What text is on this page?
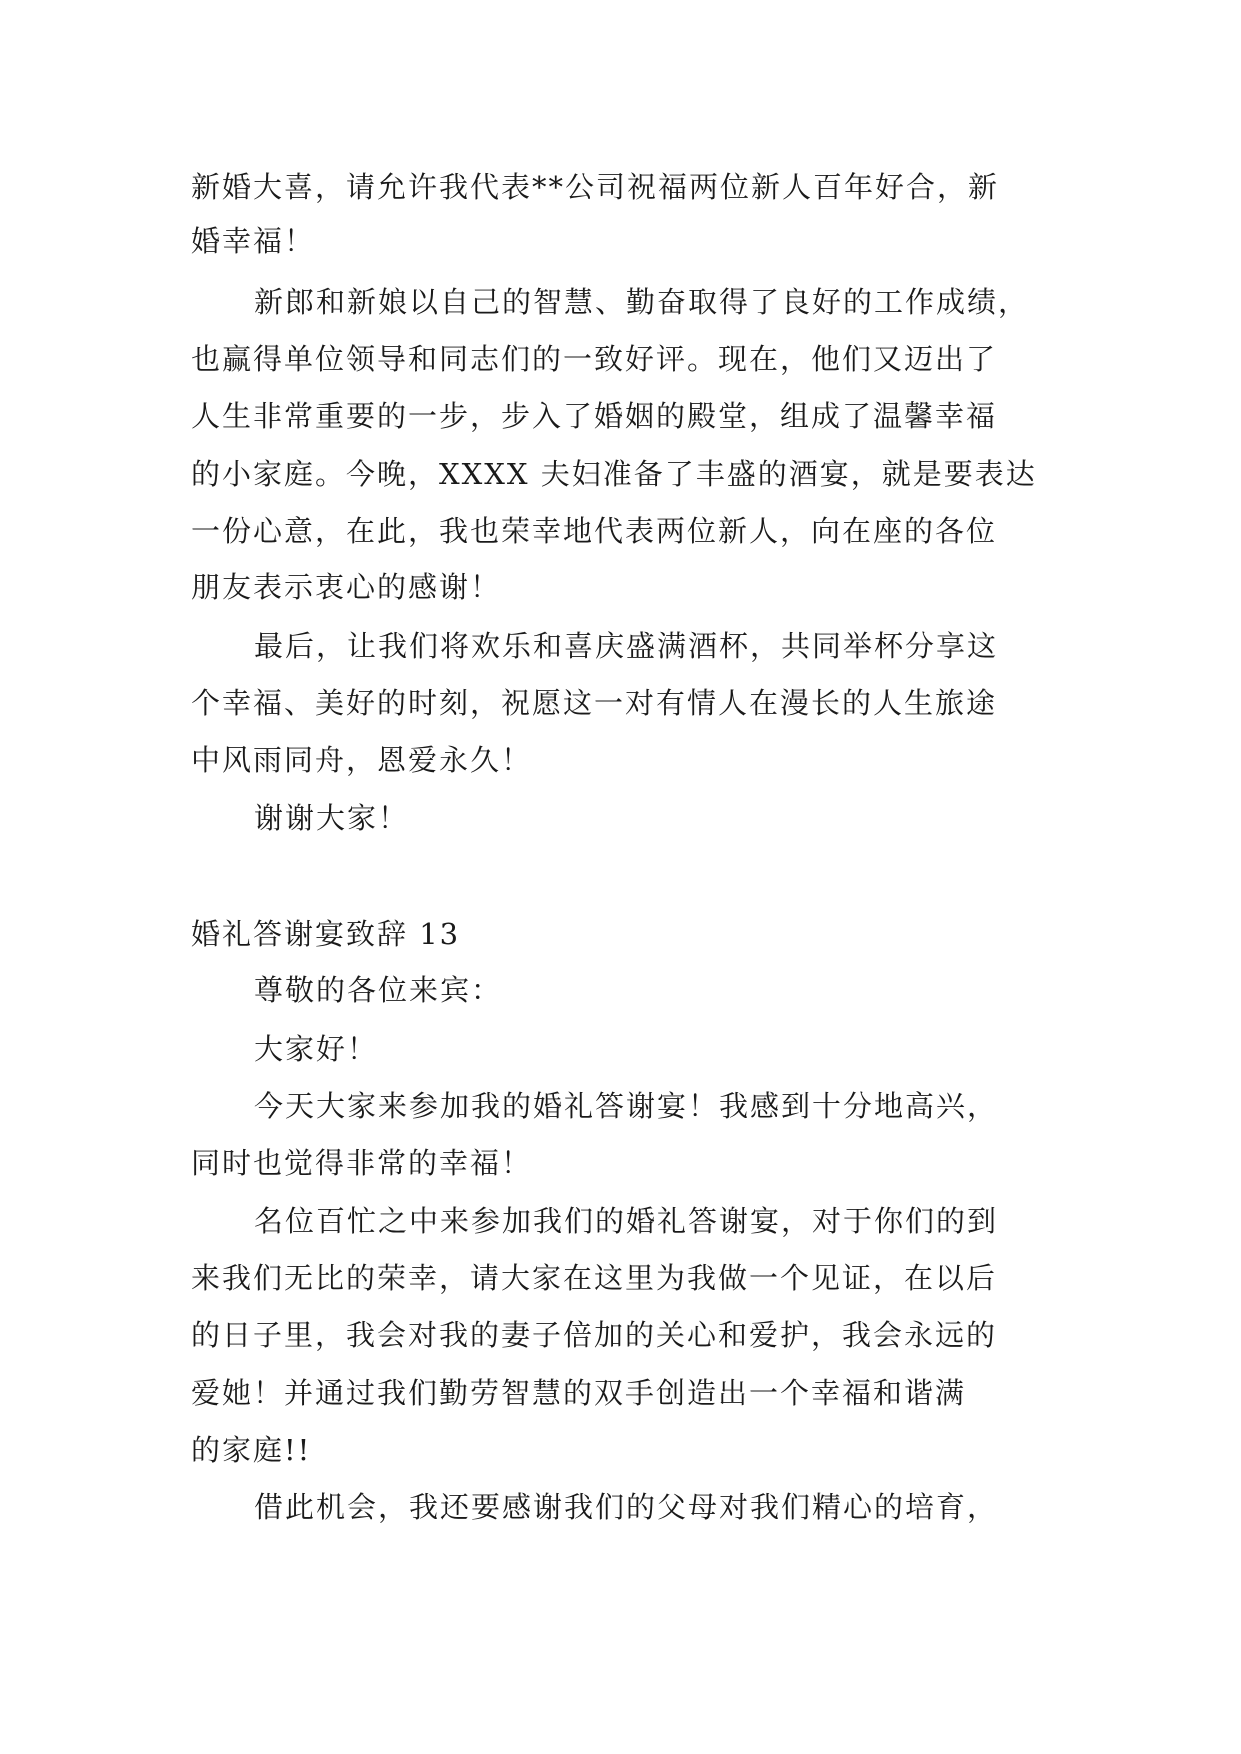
新婚大喜，请允许我代表**公司祝福两位新人百年好合，新
婚幸福！
新郎和新娘以自己的智慧、勤奋取得了良好的工作成绩，
也赢得单位领导和同志们的一致好评。现在，他们又迈出了
人生非常重要的一步，步入了婚姻的殿堂，组成了温馨幸福
的小家庭。今晚，XXXX 夫妇准备了丰盛的酒宴，就是要表达
一份心意，在此，我也荣幸地代表两位新人，向在座的各位
朋友表示衷心的感谢！
最后，让我们将欢乐和喜庆盛满酒杯，共同举杯分享这
个幸福、美好的时刻，祝愿这一对有情人在漫长的人生旅途
中风雨同舟，恩爱永久！
谢谢大家！
婚礼答谢宴致辞 13
尊敬的各位来宾：
大家好！
今天大家来参加我的婚礼答谢宴！我感到十分地高兴，
同时也觉得非常的幸福！
名位百忙之中来参加我们的婚礼答谢宴，对于你们的到
来我们无比的荣幸，请大家在这里为我做一个见证，在以后
的日子里，我会对我的妻子倍加的关心和爱护，我会永远的
爱她！并通过我们勤劳智慧的双手创造出一个幸福和谐满
的家庭!!
借此机会，我还要感谢我们的父母对我们精心的培育，
